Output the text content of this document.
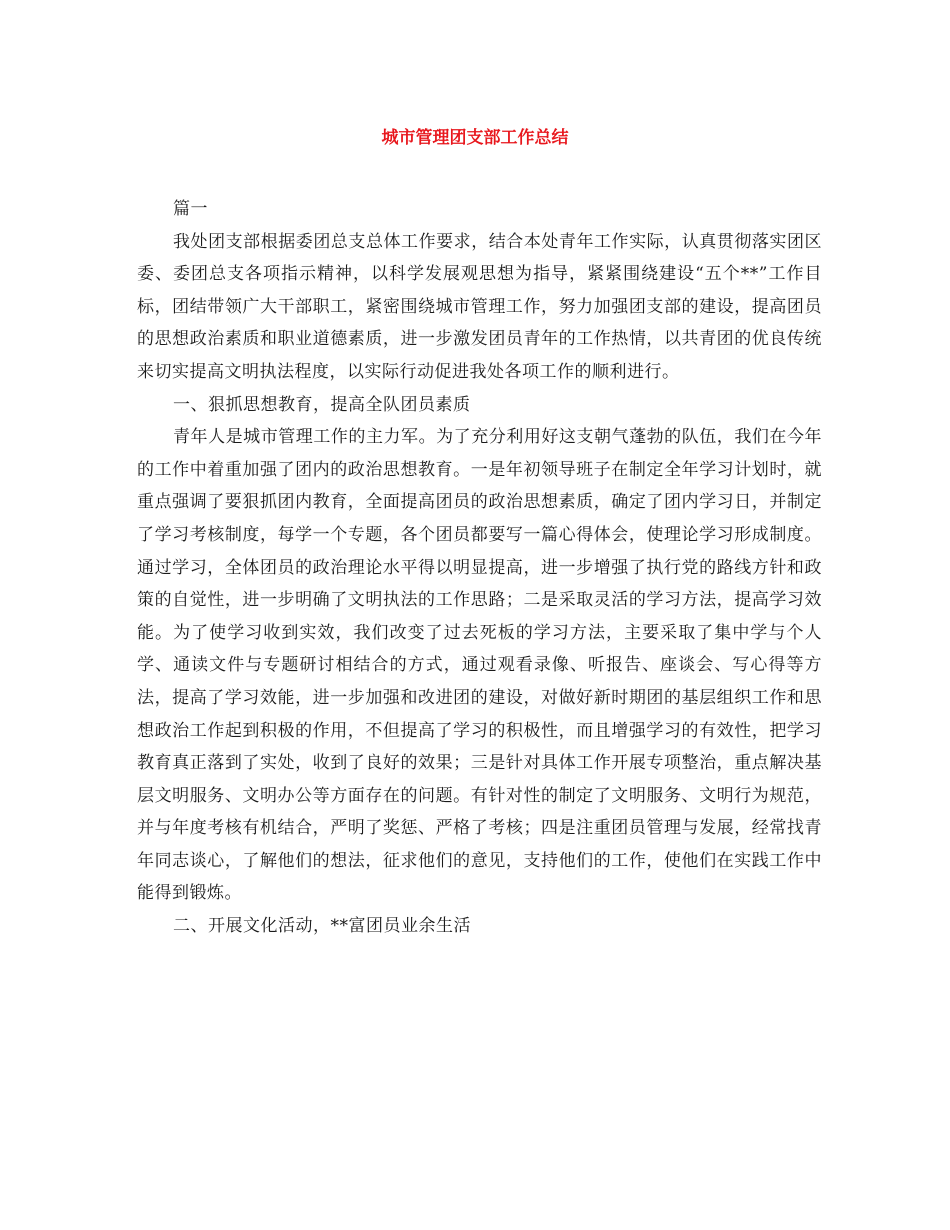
城市管理团支部工作总结

篇一

我处团支部根据委团总支总体工作要求，结合本处青年工作实际，认真贯彻落实团区委、委团总支各项指示精神，以科学发展观思想为指导，紧紧围绕建设“五个**”工作目标，团结带领广大干部职工，紧密围绕城市管理工作，努力加强团支部的建设，提高团员的思想政治素质和职业道德素质，进一步激发团员青年的工作热情，以共青团的优良传统来切实提高文明执法程度，以实际行动促进我处各项工作的顺利进行。

一、狠抓思想教育，提高全队团员素质

青年人是城市管理工作的主力军。为了充分利用好这支朝气蓬勃的队伍，我们在今年的工作中着重加强了团内的政治思想教育。一是年初领导班子在制定全年学习计划时，就重点强调了要狠抓团内教育，全面提高团员的政治思想素质，确定了团内学习日，并制定了学习考核制度，每学一个专题，各个团员都要写一篇心得体会，使理论学习形成制度。通过学习，全体团员的政治理论水平得以明显提高，进一步增强了执行党的路线方针和政策的自觉性，进一步明确了文明执法的工作思路；二是采取灵活的学习方法，提高学习效能。为了使学习收到实效，我们改变了过去死板的学习方法，主要采取了集中学与个人学、通读文件与专题研讨相结合的方式，通过观看录像、听报告、座谈会、写心得等方法，提高了学习效能，进一步加强和改进团的建设，对做好新时期团的基层组织工作和思想政治工作起到积极的作用，不但提高了学习的积极性，而且增强学习的有效性，把学习教育真正落到了实处，收到了良好的效果；三是针对具体工作开展专项整治，重点解决基层文明服务、文明办公等方面存在的问题。有针对性的制定了文明服务、文明行为规范，并与年度考核有机结合，严明了奖惩、严格了考核；四是注重团员管理与发展，经常找青年同志谈心，了解他们的想法，征求他们的意见，支持他们的工作，使他们在实践工作中能得到锻炼。

二、开展文化活动，**富团员业余生活
